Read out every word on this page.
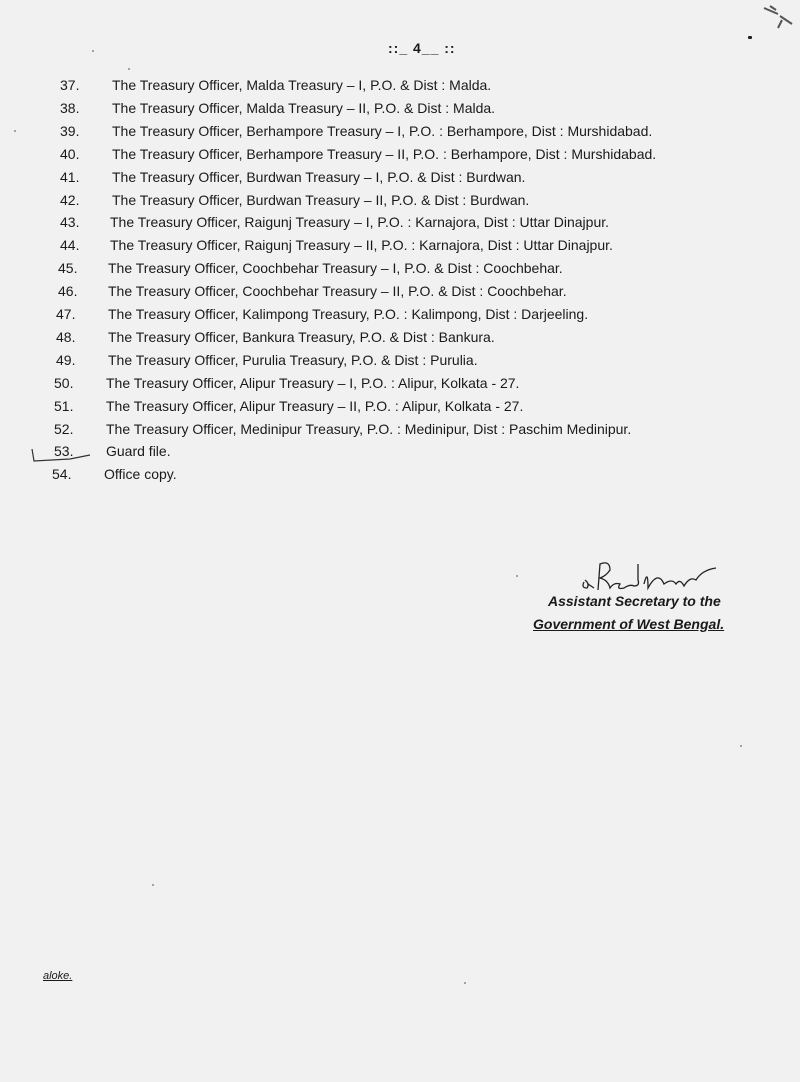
::_ 4__ ::
37. The Treasury Officer, Malda Treasury – I, P.O. & Dist : Malda.
38. The Treasury Officer, Malda Treasury – II, P.O. & Dist : Malda.
39. The Treasury Officer, Berhampore Treasury – I, P.O. : Berhampore, Dist : Murshidabad.
40. The Treasury Officer, Berhampore Treasury – II, P.O. : Berhampore, Dist : Murshidabad.
41. The Treasury Officer, Burdwan Treasury – I, P.O. & Dist : Burdwan.
42. The Treasury Officer, Burdwan Treasury – II, P.O. & Dist : Burdwan.
43. The Treasury Officer, Raigunj Treasury – I, P.O. : Karnajora, Dist : Uttar Dinajpur.
44. The Treasury Officer, Raigunj Treasury – II, P.O. : Karnajora, Dist : Uttar Dinajpur.
45. The Treasury Officer, Coochbehar Treasury – I, P.O. & Dist : Coochbehar.
46. The Treasury Officer, Coochbehar Treasury – II, P.O. & Dist : Coochbehar.
47. The Treasury Officer, Kalimpong Treasury, P.O. : Kalimpong, Dist : Darjeeling.
48. The Treasury Officer, Bankura Treasury, P.O. & Dist : Bankura.
49. The Treasury Officer, Purulia Treasury, P.O. & Dist : Purulia.
50. The Treasury Officer, Alipur Treasury – I, P.O. : Alipur, Kolkata - 27.
51. The Treasury Officer, Alipur Treasury – II, P.O. : Alipur, Kolkata - 27.
52. The Treasury Officer, Medinipur Treasury, P.O. : Medinipur, Dist : Paschim Medinipur.
53. Guard file.
54. Office copy.
Assistant Secretary to the
Government of West Bengal.
aloke.
